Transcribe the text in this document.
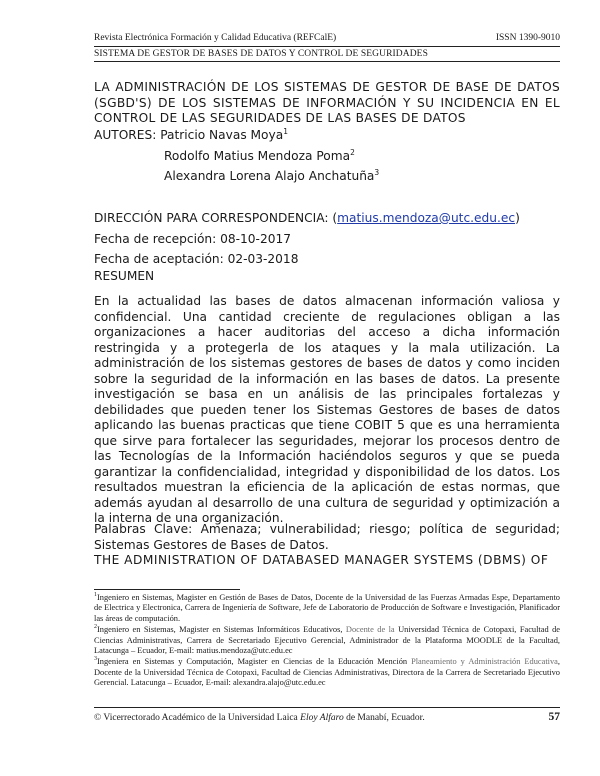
Revista Electrónica Formación y Calidad Educativa (REFCalE)	ISSN 1390-9010
SISTEMA DE GESTOR DE BASES DE DATOS Y CONTROL DE SEGURIDADES
LA ADMINISTRACIÓN DE LOS SISTEMAS DE GESTOR DE BASE DE DATOS (SGBD'S) DE LOS SISTEMAS DE INFORMACIÓN Y SU INCIDENCIA EN EL CONTROL DE LAS SEGURIDADES DE LAS BASES DE DATOS
AUTORES: Patricio Navas Moya$^1$
Rodolfo Matius Mendoza Poma$^2$
Alexandra Lorena Alajo Anchatuña$^3$
DIRECCIÓN PARA CORRESPONDENCIA: (matius.mendoza@utc.edu.ec)
Fecha de recepción: 08-10-2017
Fecha de aceptación: 02-03-2018
RESUMEN
En la actualidad las bases de datos almacenan información valiosa y confidencial. Una cantidad creciente de regulaciones obligan a las organizaciones a hacer auditorias del acceso a dicha información restringida y a protegerla de los ataques y la mala utilización. La administración de los sistemas gestores de bases de datos y como inciden sobre la seguridad de la información en las bases de datos. La presente investigación se basa en un análisis de las principales fortalezas y debilidades que pueden tener los Sistemas Gestores de bases de datos aplicando las buenas practicas que tiene COBIT 5 que es una herramienta que sirve para fortalecer las seguridades, mejorar los procesos dentro de las Tecnologías de la Información haciéndolos seguros y que se pueda garantizar la confidencialidad, integridad y disponibilidad de los datos. Los resultados muestran la eficiencia de la aplicación de estas normas, que además ayudan al desarrollo de una cultura de seguridad y optimización a la interna de una organización.
Palabras Clave: Amenaza; vulnerabilidad; riesgo; política de seguridad; Sistemas Gestores de Bases de Datos.
THE ADMINISTRATION OF DATABASED MANAGER SYSTEMS (DBMS) OF

$^1$Ingeniero en Sistemas, Magister en Gestión de Bases de Datos, Docente de la Universidad de las Fuerzas Armadas Espe, Departamento de Electrica y Electronica, Carrera de Ingeniería de Software, Jefe de Laboratorio de Producción de Software e Investigación, Planificador las áreas de computación.

$^2$Ingeniero en Sistemas, Magister en Sistemas Informáticos Educativos, Docente de la Universidad Técnica de Cotopaxi, Facultad de Ciencias Administrativas, Carrera de Secretariado Ejecutivo Gerencial, Administrador de la Plataforma MOODLE de la Facultad, Latacunga – Ecuador, E-mail: matius.mendoza@utc.edu.ec

$^3$Ingeniera en Sistemas y Computación, Magister en Ciencias de la Educación Mención Planeamiento y Administración Educativa, Docente de la Universidad Técnica de Cotopaxi, Facultad de Ciencias Administrativas, Directora de la Carrera de Secretariado Ejecutivo Gerencial. Latacunga – Ecuador, E-mail: alexandra.alajo@utc.edu.ec

© Vicerrectorado Académico de la Universidad Laica Eloy Alfaro de Manabí, Ecuador.	57
